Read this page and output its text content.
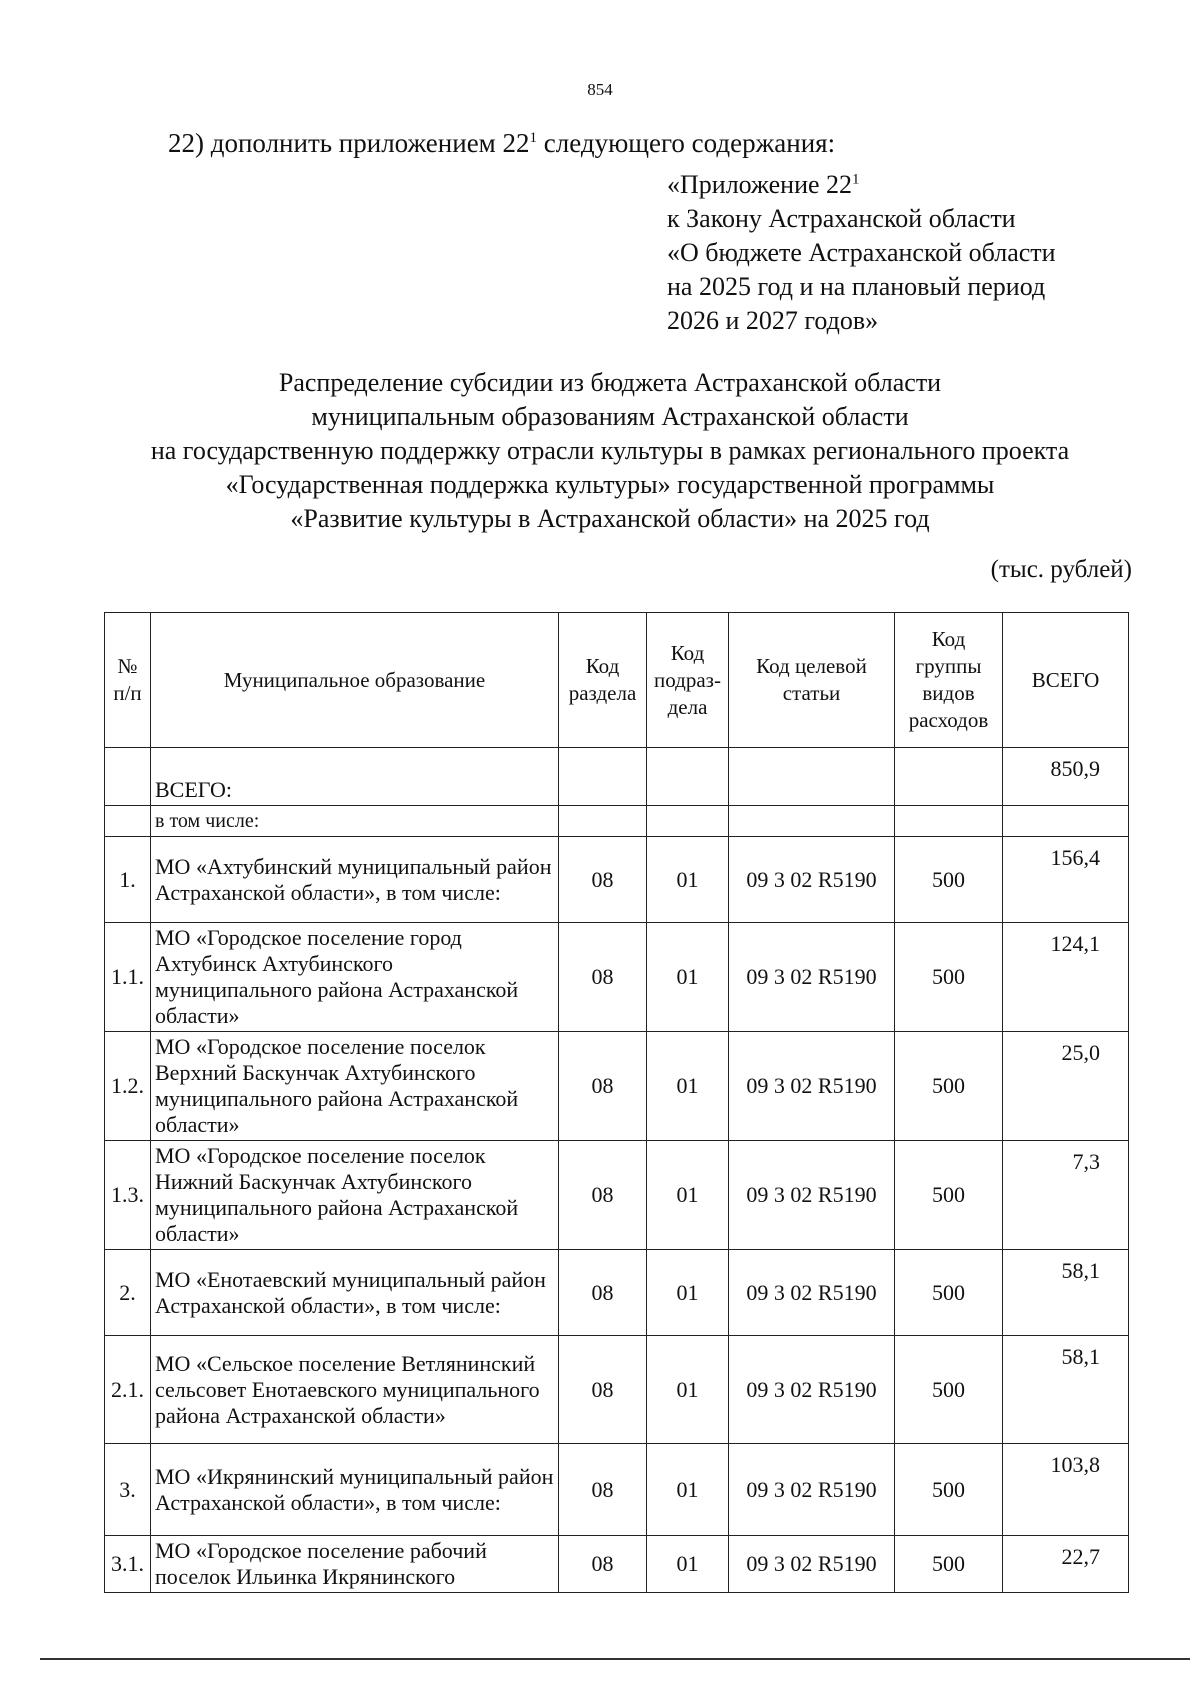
854
22) дополнить приложением $22^1$ следующего содержания:
«Приложение $22^1$
к Закону Астраханской области
«О бюджете Астраханской области
на 2025 год и на плановый период
2026 и 2027 годов»
Распределение субсидии из бюджета Астраханской области
муниципальным образованиям Астраханской области
на государственную поддержку отрасли культуры в рамках регионального проекта
«Государственная поддержка культуры» государственной программы
«Развитие культуры в Астраханской области» на 2025 год
(тыс. рублей)
№ п/п	Муниципальное образование	Код раздела	Код подраз- дела	Код целевой статьи	Код группы видов расходов	ВСЕГО
	ВСЕГО:					850,9
	в том числе:					
1.	МО «Ахтубинский муниципальный район Астраханской области», в том числе:	08	01	09 3 02 R5190	500	156,4
1.1.	МО «Городское поселение город Ахтубинск Ахтубинского муниципального района Астраханской области»	08	01	09 3 02 R5190	500	124,1
1.2.	МО «Городское поселение поселок Верхний Баскунчак Ахтубинского муниципального района Астраханской области»	08	01	09 3 02 R5190	500	25,0
1.3.	МО «Городское поселение поселок Нижний Баскунчак Ахтубинского муниципального района Астраханской области»	08	01	09 3 02 R5190	500	7,3
2.	МО «Енотаевский муниципальный район Астраханской области», в том числе:	08	01	09 3 02 R5190	500	58,1
2.1.	МО «Сельское поселение Ветлянинский сельсовет Енотаевского муниципального района Астраханской области»	08	01	09 3 02 R5190	500	58,1
3.	МО «Икрянинский муниципальный район Астраханской области», в том числе:	08	01	09 3 02 R5190	500	103,8
3.1.	МО «Городское поселение рабочий поселок Ильинка Икрянинского	08	01	09 3 02 R5190	500	22,7
